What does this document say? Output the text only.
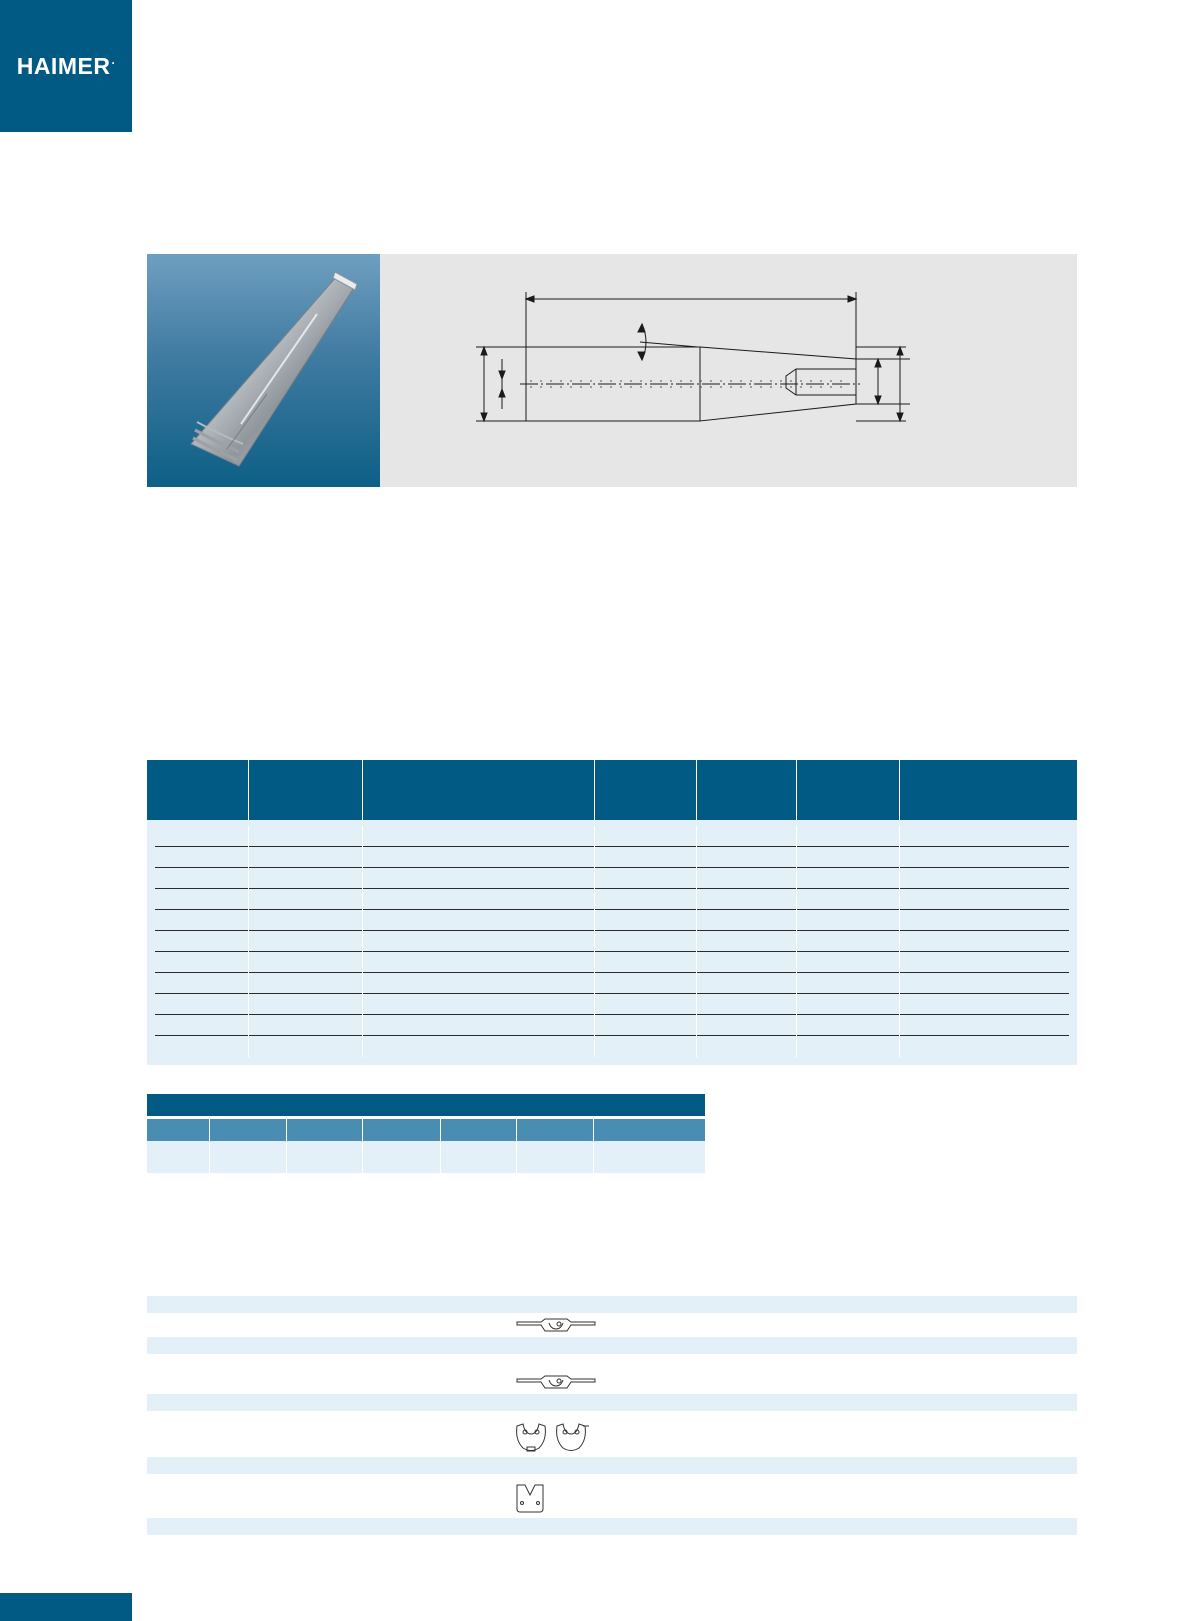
HAIMER.
